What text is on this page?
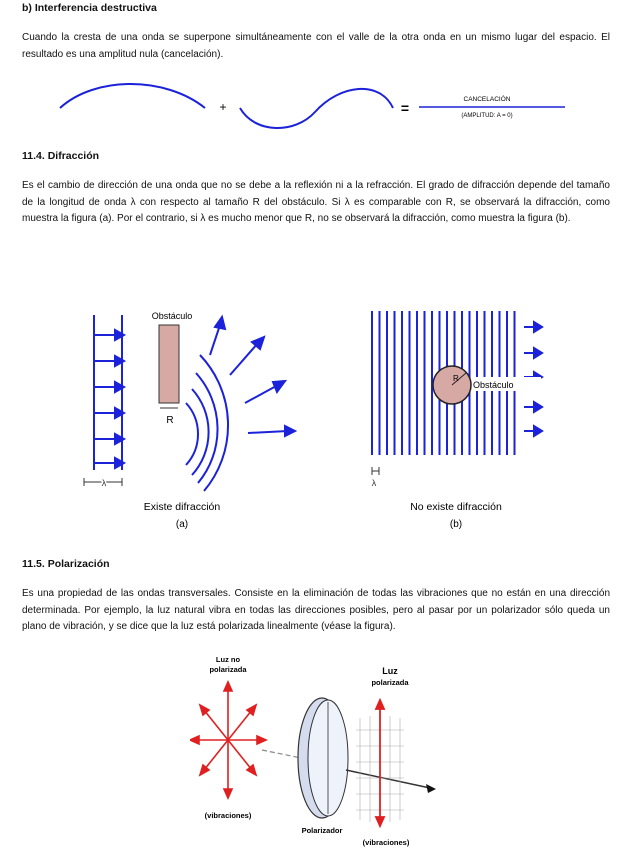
b) Interferencia destructiva

Cuando la cresta de una onda se superpone simultáneamente con el valle de la otra onda en un mismo lugar del espacio. El resultado es una amplitud nula (cancelación).

+	=
CANCELACIÓN
(AMPLITUD: A = 0)
11.4. Difracción

Es el cambio de dirección de una onda que no se debe a la reflexión ni a la refracción. El grado de difracción depende del tamaño de la longitud de onda λ con respecto al tamaño R del obstáculo. Si λ es comparable con R, se observará la difracción, como muestra la figura (a). Por el contrario, si λ es mucho menor que R, no se observará la difracción, como muestra la figura (b).

Obstáculo
R
λ
Existe difracción
(a)
R
Obstáculo
λ
No existe difracción
(b)
11.5. Polarización

Es una propiedad de las ondas transversales. Consiste en la eliminación de todas las vibraciones que no están en una dirección determinada. Por ejemplo, la luz natural vibra en todas las direcciones posibles, pero al pasar por un polarizador sólo queda un plano de vibración, y se dice que la luz está polarizada linealmente (véase la figura).

Luz no
polarizada
(vibraciones)
Polarizador
Luz
polarizada
(vibraciones)
